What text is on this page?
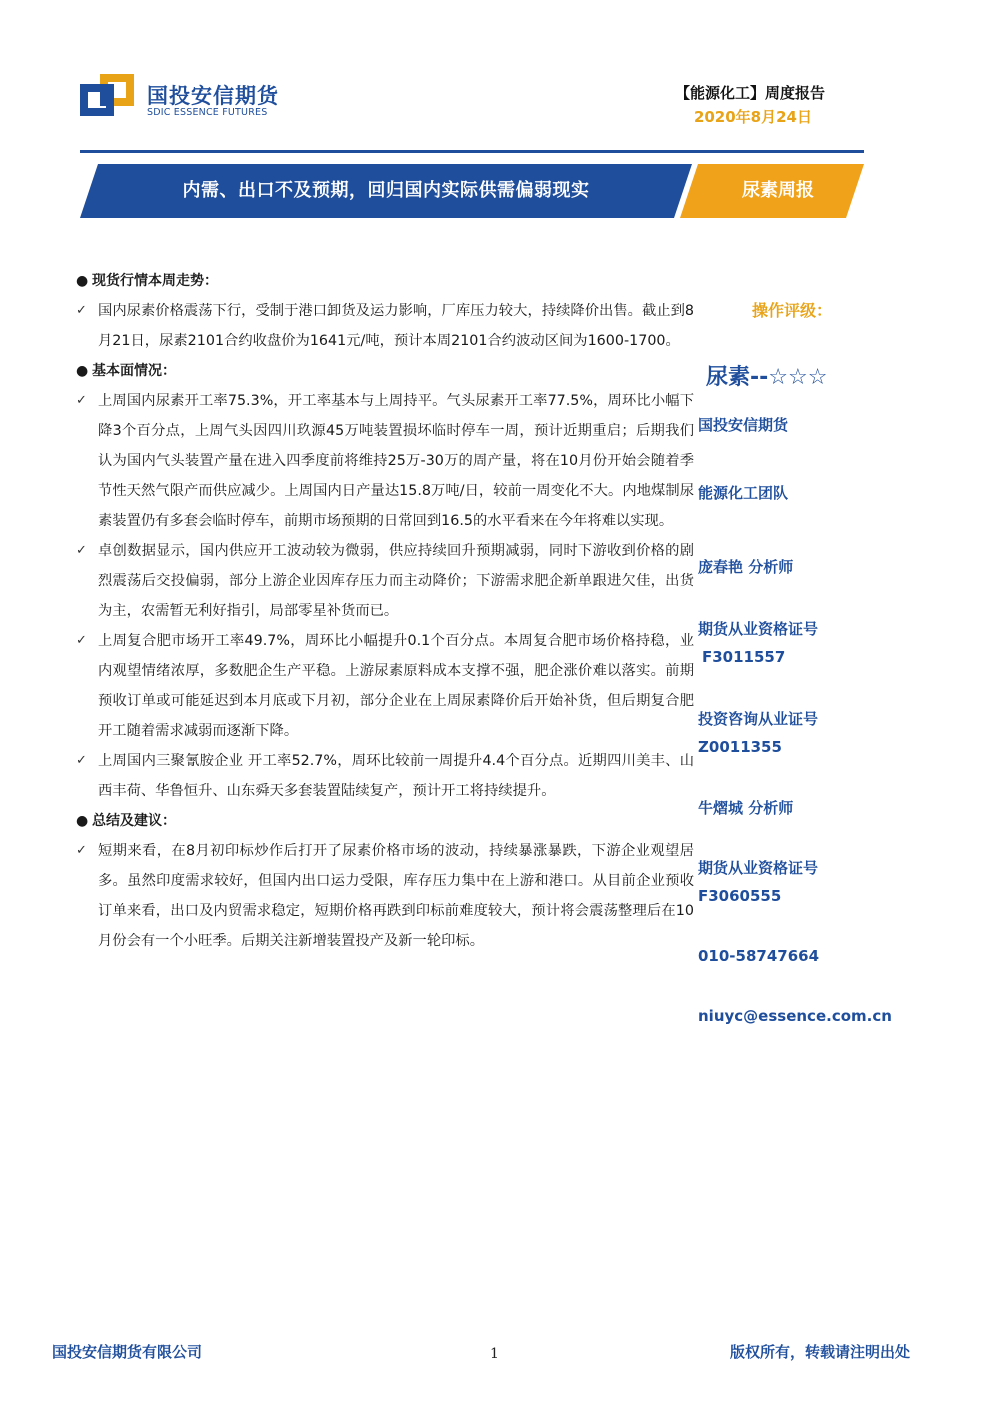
国投安信期货
SDIC ESSENCE FUTURES
【能源化工】周度报告
2020年8月24日
内需、出口不及预期，回归国内实际供需偏弱现实	尿素周报
● 现货行情本周走势：
✓ 国内尿素价格震荡下行，受制于港口卸货及运力影响，厂库压力较大，持续降价出售。截止到8月21日，尿素2101合约收盘价为1641元/吨，预计本周2101合约波动区间为1600-1700。
● 基本面情况：
✓ 上周国内尿素开工率75.3%，开工率基本与上周持平。气头尿素开工率77.5%，周环比小幅下降3个百分点，上周气头因四川玖源45万吨装置损坏临时停车一周，预计近期重启；后期我们认为国内气头装置产量在进入四季度前将维持25万-30万的周产量，将在10月份开始会随着季节性天然气限产而供应减少。上周国内日产量达15.8万吨/日，较前一周变化不大。内地煤制尿素装置仍有多套会临时停车，前期市场预期的日常回到16.5的水平看来在今年将难以实现。
✓ 卓创数据显示，国内供应开工波动较为微弱，供应持续回升预期减弱，同时下游收到价格的剧烈震荡后交投偏弱，部分上游企业因库存压力而主动降价；下游需求肥企新单跟进欠佳，出货为主，农需暂无利好指引，局部零星补货而已。
✓ 上周复合肥市场开工率49.7%，周环比小幅提升0.1个百分点。本周复合肥市场价格持稳，业内观望情绪浓厚，多数肥企生产平稳。上游尿素原料成本支撑不强，肥企涨价难以落实。前期预收订单或可能延迟到本月底或下月初，部分企业在上周尿素降价后开始补货，但后期复合肥开工随着需求减弱而逐渐下降。
✓ 上周国内三聚氰胺企业 开工率52.7%，周环比较前一周提升4.4个百分点。近期四川美丰、山西丰荷、华鲁恒升、山东舜天多套装置陆续复产，预计开工将持续提升。
● 总结及建议：
✓ 短期来看，在8月初印标炒作后打开了尿素价格市场的波动，持续暴涨暴跌，下游企业观望居多。虽然印度需求较好，但国内出口运力受限，库存压力集中在上游和港口。从目前企业预收订单来看，出口及内贸需求稳定，短期价格再跌到印标前难度较大，预计将会震荡整理后在10月份会有一个小旺季。后期关注新增装置投产及新一轮印标。
操作评级：
尿素--☆☆☆
国投安信期货
能源化工团队
庞春艳 分析师
期货从业资格证号
F3011557
投资咨询从业证号
Z0011355
牛熠城 分析师
期货从业资格证号
F3060555
010-58747664
niuyc@essence.com.cn
国投安信期货有限公司	1	版权所有，转载请注明出处
